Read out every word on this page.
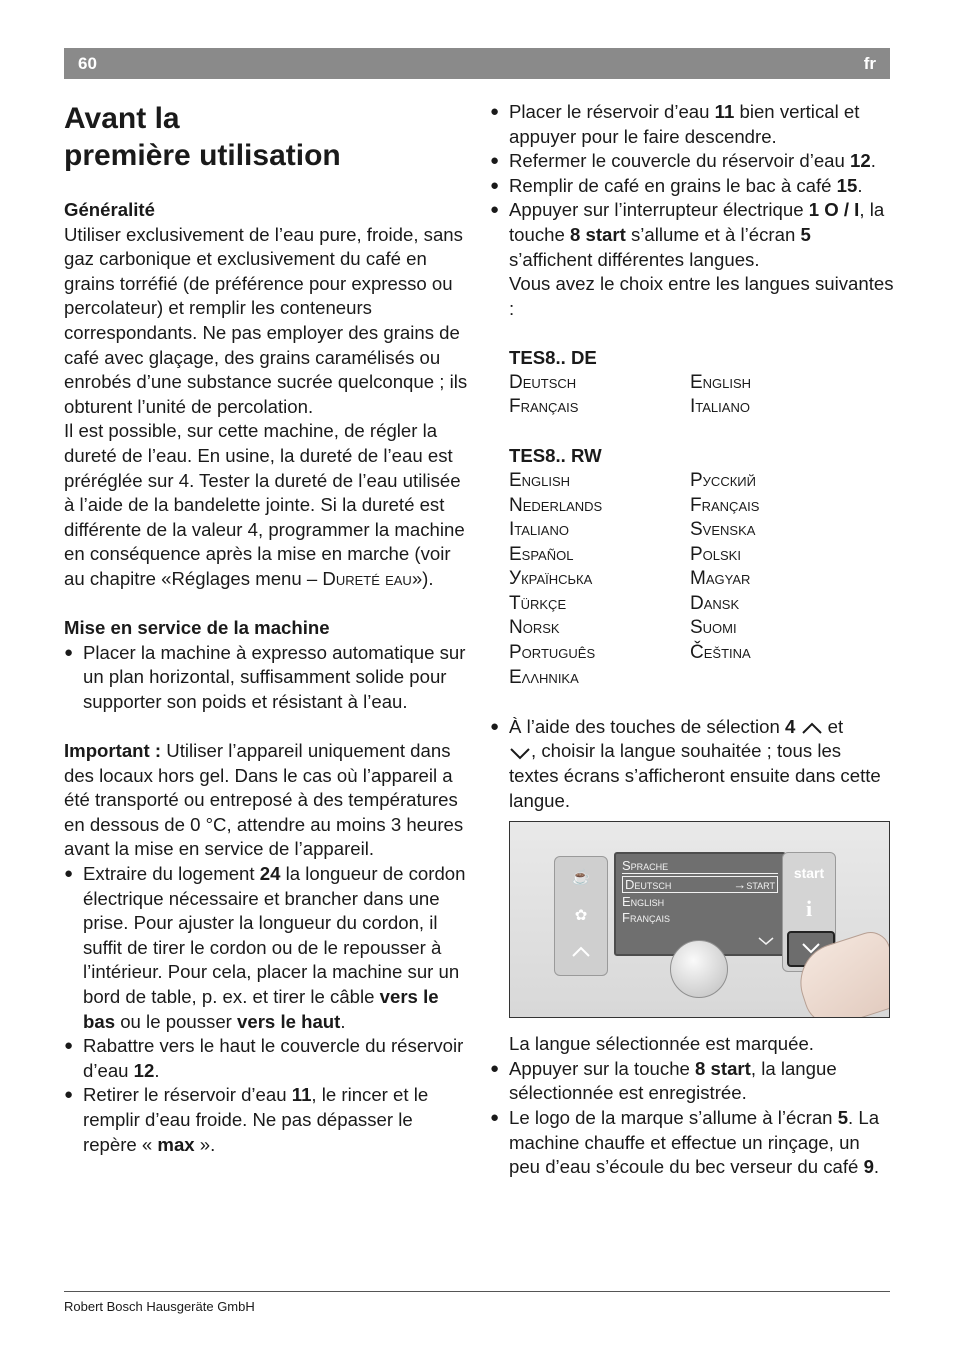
60	fr
Avant la
première utilisation

Généralité

Utiliser exclusivement de l’eau pure, froide, sans gaz carbonique et exclusivement du café en grains torréfié (de préférence pour expresso ou percolateur) et remplir les conteneurs correspondants. Ne pas employer des grains de café avec glaçage, des grains caramélisés ou enrobés d’une substance sucrée quelconque ; ils obturent l’unité de percolation.

Il est possible, sur cette machine, de régler la dureté de l’eau. En usine, la dureté de l’eau est préréglée sur 4. Tester la dureté de l’eau utilisée à l’aide de la bandelette jointe. Si la dureté est différente de la valeur 4, programmer la machine en conséquence après la mise en marche (voir au chapitre «Réglages menu – Dureté eau»).

Mise en service de la machine

● Placer la machine à expresso automatique sur un plan horizontal, suffisamment solide pour supporter son poids et résistant à l’eau.

Important : Utiliser l’appareil uniquement dans des locaux hors gel. Dans le cas où l’appareil a été transporté ou entreposé à des températures en dessous de 0 °C, attendre au moins 3 heures avant la mise en service de l’appareil.

● Extraire du logement 24 la longueur de cordon électrique nécessaire et brancher dans une prise. Pour ajuster la longueur du cordon, il suffit de tirer le cordon ou de le repousser à l’intérieur. Pour cela, placer la machine sur un bord de table, p. ex. et tirer le câble vers le bas ou le pousser vers le haut.
● Rabattre vers le haut le couvercle du réservoir d’eau 12.
● Retirer le réservoir d’eau 11, le rincer et le remplir d’eau froide. Ne pas dépasser le repère « max ».
● Placer le réservoir d’eau 11 bien vertical et appuyer pour le faire descendre.
● Refermer le couvercle du réservoir d’eau 12.
● Remplir de café en grains le bac à café 15.
● Appuyer sur l’interrupteur électrique 1 O / I, la touche 8 start s’allume et à l’écran 5 s’affichent différentes langues.
Vous avez le choix entre les langues suivantes :

TES8.. DE

Deutsch	English
Français	Italiano

TES8.. RW

English	Русский
Nederlands	Français
Italiano	Svenska
Español	Polski
Українська	Magyar
Türkçe	Dansk
Norsk	Suomi
Português	Čeština
Ελληνικα
● À l’aide des touches de sélection 4  et
, choisir la langue souhaitée ; tous les textes écrans s’afficheront ensuite dans cette langue.
☕
✿
Sprache
Deutsch	→start
English
Français
start
i

La langue sélectionnée est marquée.

● Appuyer sur la touche 8 start, la langue sélectionnée est enregistrée.
● Le logo de la marque s’allume à l’écran 5. La machine chauffe et effectue un rinçage, un peu d’eau s’écoule du bec verseur du café 9.
Robert Bosch Hausgeräte GmbH
